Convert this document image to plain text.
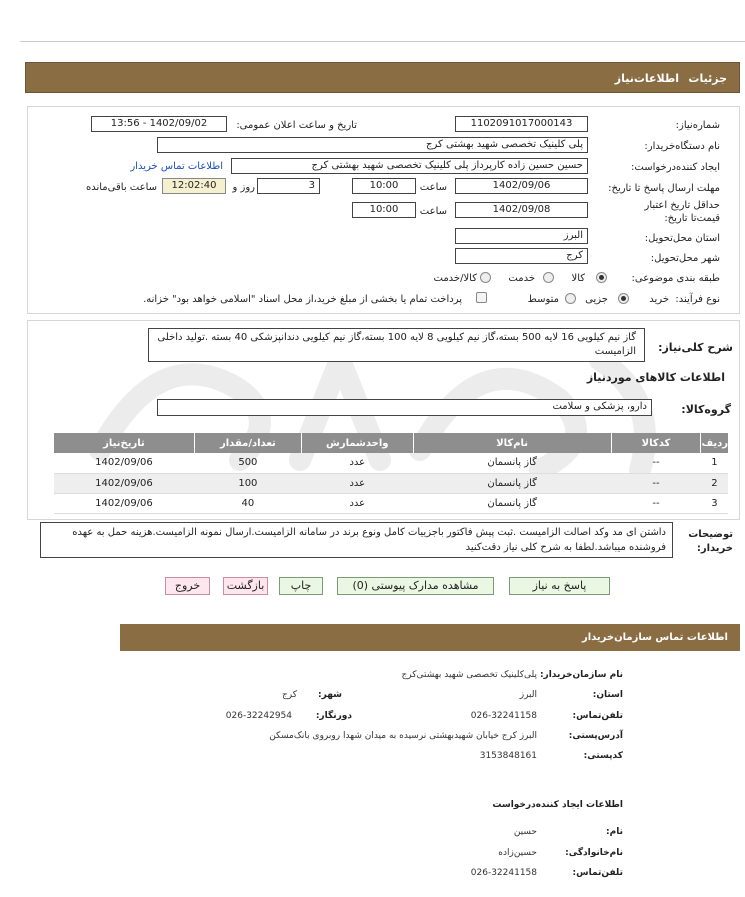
جزئیات
اطلاعات‌نیاز
شماره‌نیاز:
1102091017000143
تاریخ و ساعت اعلان عمومی:
1402/09/02 - 13:56
نام دستگاه‌خریدار:
پلی کلینیک تخصصی شهید بهشتی کرج
ایجاد کننده‌درخواست:
حسین حسین زاده کارپرداز پلی کلینیک تخصصی شهید بهشتی کرج
اطلاعات تماس خریدار
مهلت ارسال پاسخ تا تاریخ:
1402/09/06
ساعت
10:00
3
روز و
12:02:40
ساعت باقی‌مانده
حداقل تاریخ اعتبار قیمت‌تا تاریخ:
1402/09/08
ساعت
10:00
استان محل‌تحویل:
البرز
شهر محل‌تحویل:
کرج
طبقه بندی موضوعی:
کالا
خدمت
کالا/خدمت
نوع فرآیند:
خرید
جزیی
متوسط
پرداخت تمام یا بخشی از مبلغ خرید،از محل اسناد "اسلامی خواهد بود" خزانه.
شرح کلی‌نیاز:
گاز نیم کیلویی 16 لایه 500 بسته،گاز نیم کیلویی 8 لایه 100 بسته،گاز نیم کیلویی دندانپزشکی 40 بسته .تولید داخلی الزامیست
اطلاعات کالاهای موردنیاز
گروه‌کالا:
دارو، پزشکی و سلامت
ردیف	کدکالا	نام‌کالا	واحدشمارش	تعداد/مقدار	تاریخ‌نیاز
1	--	گاز پانسمان	عدد	500	1402/09/06
2	--	گاز پانسمان	عدد	100	1402/09/06
3	--	گاز پانسمان	عدد	40	1402/09/06
توضیحات خریدار:
داشتن ای مد وکد اصالت الزامیست .ثبت پیش فاکتور باجزییات کامل ونوع برند در سامانه الزامیست.ارسال نمونه الزامیست.هزینه حمل به عهده فروشنده میباشد.لطفا به شرح کلی نیاز دقت‌کنید
پاسخ به نیاز
مشاهده مدارک پیوستی (0)
چاپ
بازگشت
خروج
اطلاعات تماس سازمان‌خریدار
نام سازمان‌خریدار:
پلی‌کلینیک تخصصی شهید بهشتی‌کرج
استان:
البرز
شهر:
کرج
تلفن‌تماس:
026-32241158
دورنگار:
026-32242954
آدرس‌پستی:
البرز کرج خیابان شهیدبهشتی نرسیده به میدان شهدا روبروی بانک‌مسکن
کدپستی:
3153848161
اطلاعات ایجاد کننده‌درخواست
نام:
حسین
نام‌خانوادگی:
حسین‌زاده
تلفن‌تماس:
026-32241158
